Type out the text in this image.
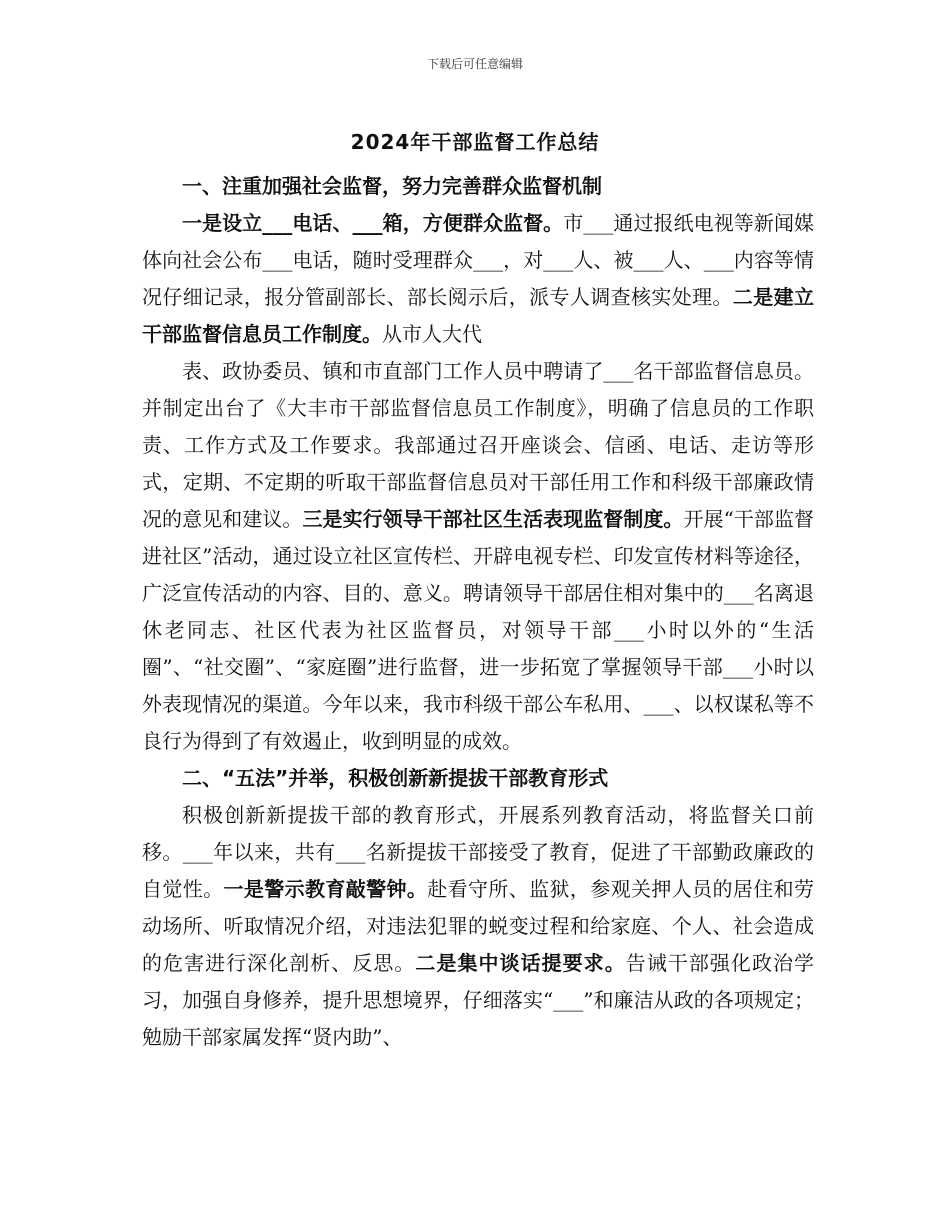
下载后可任意编辑
2024年干部监督工作总结
一、注重加强社会监督，努力完善群众监督机制

一是设立___电话、___箱，方便群众监督。市___通过报纸电视等新闻媒体向社会公布___电话，随时受理群众___，对___人、被___人、___内容等情况仔细记录，报分管副部长、部长阅示后，派专人调查核实处理。二是建立干部监督信息员工作制度。从市人大代

表、政协委员、镇和市直部门工作人员中聘请了___名干部监督信息员。并制定出台了《大丰市干部监督信息员工作制度》，明确了信息员的工作职责、工作方式及工作要求。我部通过召开座谈会、信函、电话、走访等形式，定期、不定期的听取干部监督信息员对干部任用工作和科级干部廉政情况的意见和建议。三是实行领导干部社区生活表现监督制度。开展“干部监督进社区”活动，通过设立社区宣传栏、开辟电视专栏、印发宣传材料等途径，广泛宣传活动的内容、目的、意义。聘请领导干部居住相对集中的___名离退休老同志、社区代表为社区监督员，对领导干部___小时以外的“生活圈”、“社交圈”、“家庭圈”进行监督，进一步拓宽了掌握领导干部___小时以外表现情况的渠道。今年以来，我市科级干部公车私用、___、以权谋私等不良行为得到了有效遏止，收到明显的成效。

二、“五法”并举，积极创新新提拔干部教育形式

积极创新新提拔干部的教育形式，开展系列教育活动，将监督关口前移。___年以来，共有___名新提拔干部接受了教育，促进了干部勤政廉政的自觉性。一是警示教育敲警钟。赴看守所、监狱，参观关押人员的居住和劳动场所、听取情况介绍，对违法犯罪的蜕变过程和给家庭、个人、社会造成的危害进行深化剖析、反思。二是集中谈话提要求。告诫干部强化政治学习，加强自身修养，提升思想境界，仔细落实“___”和廉洁从政的各项规定；勉励干部家属发挥“贤内助”、
